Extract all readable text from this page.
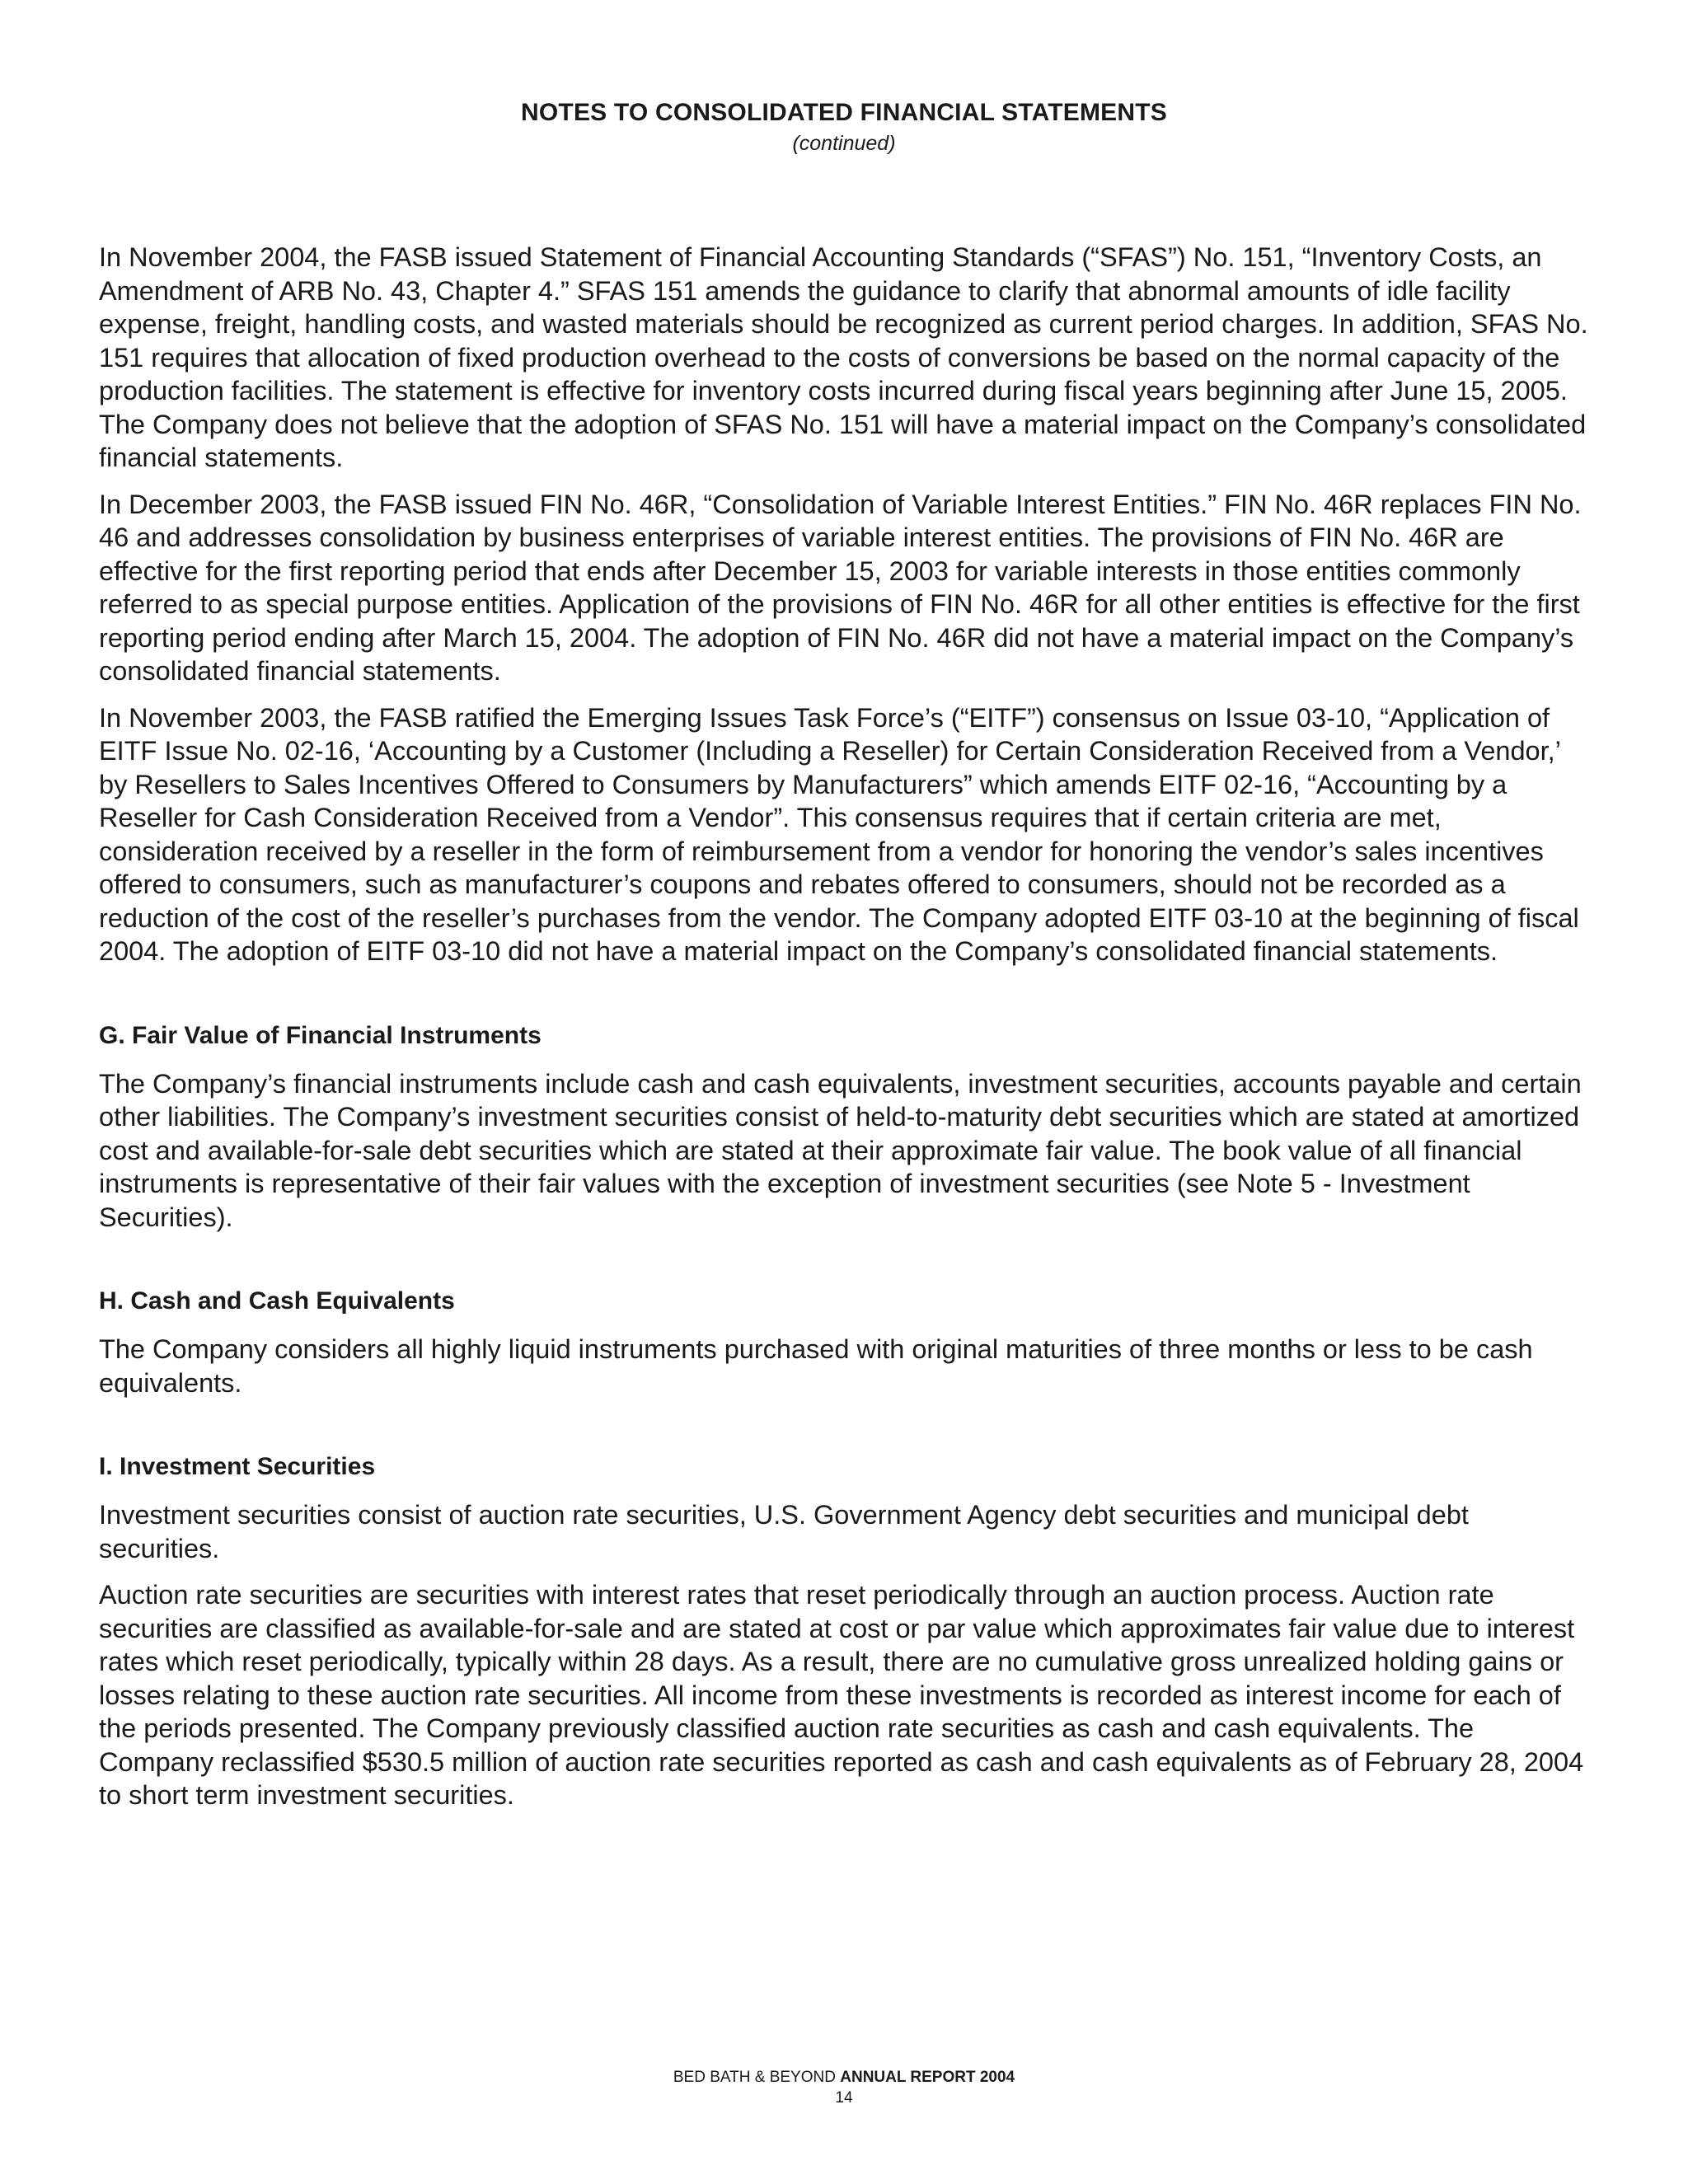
NOTES TO CONSOLIDATED FINANCIAL STATEMENTS

(continued)

In November 2004, the FASB issued Statement of Financial Accounting Standards (“SFAS”) No. 151, “Inventory Costs, an Amendment of ARB No. 43, Chapter 4.” SFAS 151 amends the guidance to clarify that abnormal amounts of idle facility expense, freight, handling costs, and wasted materials should be recognized as current period charges. In addition, SFAS No. 151 requires that allocation of fixed production overhead to the costs of conversions be based on the normal capacity of the production facilities. The statement is effective for inventory costs incurred during fiscal years beginning after June 15, 2005. The Company does not believe that the adoption of SFAS No. 151 will have a material impact on the Company’s consolidated financial statements.

In December 2003, the FASB issued FIN No. 46R, “Consolidation of Variable Interest Entities.” FIN No. 46R replaces FIN No. 46 and addresses consolidation by business enterprises of variable interest entities. The provisions of FIN No. 46R are effective for the first reporting period that ends after December 15, 2003 for variable interests in those entities commonly referred to as special purpose entities. Application of the provisions of FIN No. 46R for all other entities is effective for the first reporting period ending after March 15, 2004. The adoption of FIN No. 46R did not have a material impact on the Company’s consolidated financial statements.

In November 2003, the FASB ratified the Emerging Issues Task Force’s (“EITF”) consensus on Issue 03-10, “Application of EITF Issue No. 02-16, ‘Accounting by a Customer (Including a Reseller) for Certain Consideration Received from a Vendor,’ by Resellers to Sales Incentives Offered to Consumers by Manufacturers” which amends EITF 02-16, “Accounting by a Reseller for Cash Consideration Received from a Vendor”. This consensus requires that if certain criteria are met, consideration received by a reseller in the form of reimbursement from a vendor for honoring the vendor’s sales incentives offered to consumers, such as manufacturer’s coupons and rebates offered to consumers, should not be recorded as a reduction of the cost of the reseller’s purchases from the vendor. The Company adopted EITF 03-10 at the beginning of fiscal 2004. The adoption of EITF 03-10 did not have a material impact on the Company’s consolidated financial statements.

G. Fair Value of Financial Instruments

The Company’s financial instruments include cash and cash equivalents, investment securities, accounts payable and certain other liabilities. The Company’s investment securities consist of held-to-maturity debt securities which are stated at amortized cost and available-for-sale debt securities which are stated at their approximate fair value. The book value of all financial instruments is representative of their fair values with the exception of investment securities (see Note 5 - Investment Securities).

H. Cash and Cash Equivalents

The Company considers all highly liquid instruments purchased with original maturities of three months or less to be cash equivalents.

I. Investment Securities

Investment securities consist of auction rate securities, U.S. Government Agency debt securities and municipal debt securities.

Auction rate securities are securities with interest rates that reset periodically through an auction process. Auction rate securities are classified as available-for-sale and are stated at cost or par value which approximates fair value due to interest rates which reset periodically, typically within 28 days. As a result, there are no cumulative gross unrealized holding gains or losses relating to these auction rate securities. All income from these investments is recorded as interest income for each of the periods presented. The Company previously classified auction rate securities as cash and cash equivalents. The Company reclassified $530.5 million of auction rate securities reported as cash and cash equivalents as of February 28, 2004 to short term investment securities.

BED BATH & BEYOND ANNUAL REPORT 2004
14
